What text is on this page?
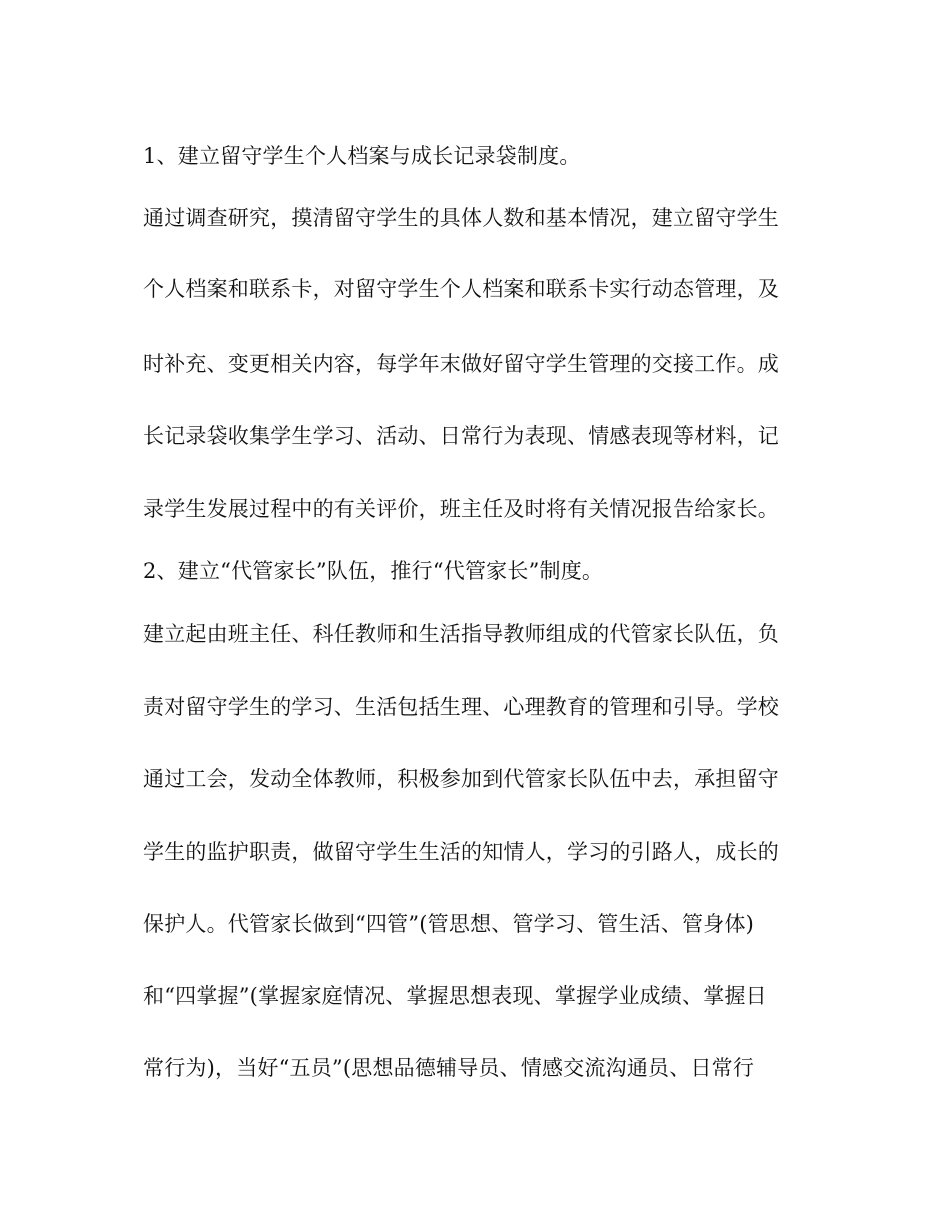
1、建立留守学生个人档案与成长记录袋制度。
通过调查研究，摸清留守学生的具体人数和基本情况，建立留守学生
个人档案和联系卡，对留守学生个人档案和联系卡实行动态管理，及
时补充、变更相关内容，每学年末做好留守学生管理的交接工作。成
长记录袋收集学生学习、活动、日常行为表现、情感表现等材料，记
录学生发展过程中的有关评价，班主任及时将有关情况报告给家长。
2、建立“代管家长”队伍，推行“代管家长”制度。
建立起由班主任、科任教师和生活指导教师组成的代管家长队伍，负
责对留守学生的学习、生活包括生理、心理教育的管理和引导。学校
通过工会，发动全体教师，积极参加到代管家长队伍中去，承担留守
学生的监护职责，做留守学生生活的知情人，学习的引路人，成长的
保护人。代管家长做到“四管”(管思想、管学习、管生活、管身体)
和“四掌握”(掌握家庭情况、掌握思想表现、掌握学业成绩、掌握日
常行为)，当好“五员”(思想品德辅导员、情感交流沟通员、日常行
